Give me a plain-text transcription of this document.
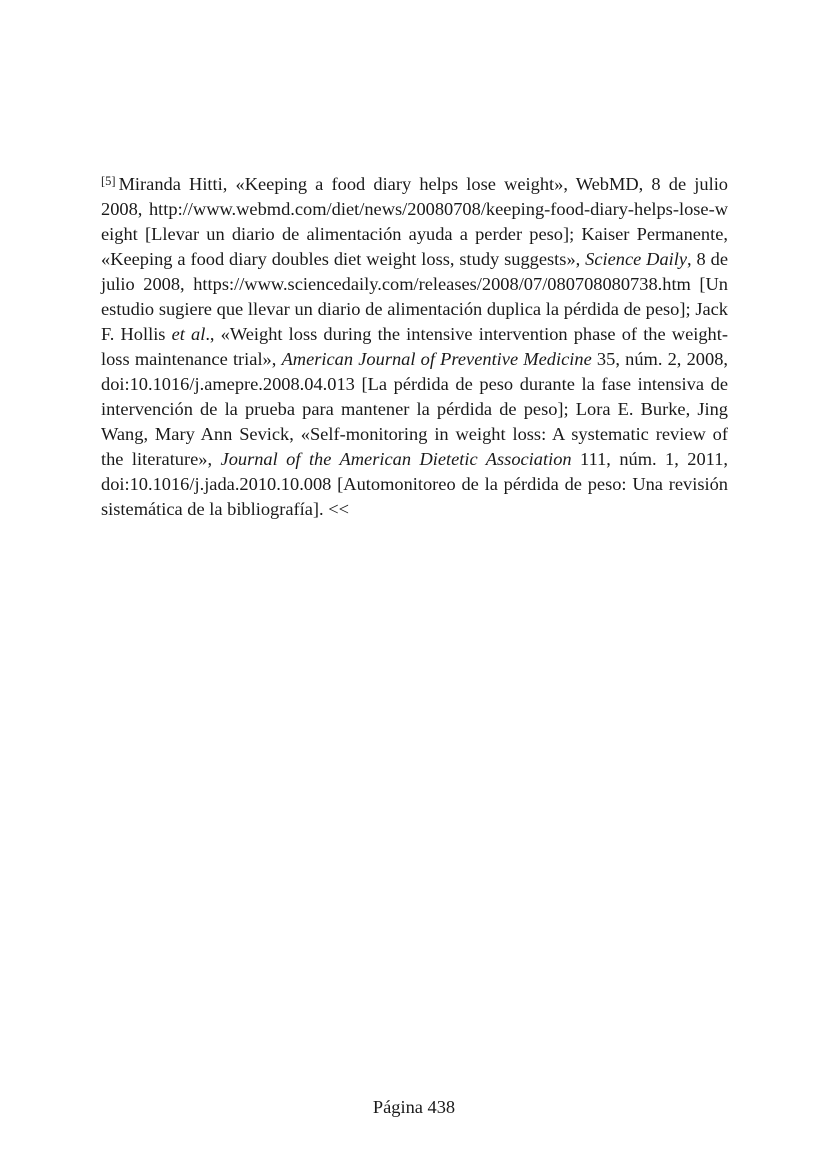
[5] Miranda Hitti, «Keeping a food diary helps lose weight», WebMD, 8 de julio 2008, http://www.webmd.com/diet/news/20080708/keeping-food-diary-helps-lose-weight [Llevar un diario de alimentación ayuda a perder peso]; Kaiser Permanente, «Keeping a food diary doubles diet weight loss, study suggests», Science Daily, 8 de julio 2008, https://www.sciencedaily.com/releases/2008/07/080708080738.htm [Un estudio sugiere que llevar un diario de alimentación duplica la pérdida de peso]; Jack F. Hollis et al., «Weight loss during the intensive intervention phase of the weight-loss maintenance trial», American Journal of Preventive Medicine 35, núm. 2, 2008, doi:10.1016/j.amepre.2008.04.013 [La pérdida de peso durante la fase intensiva de intervención de la prueba para mantener la pérdida de peso]; Lora E. Burke, Jing Wang, Mary Ann Sevick, «Self-monitoring in weight loss: A systematic review of the literature», Journal of the American Dietetic Association 111, núm. 1, 2011, doi:10.1016/j.jada.2010.10.008 [Automonitoreo de la pérdida de peso: Una revisión sistemática de la bibliografía]. <<

Página 438
